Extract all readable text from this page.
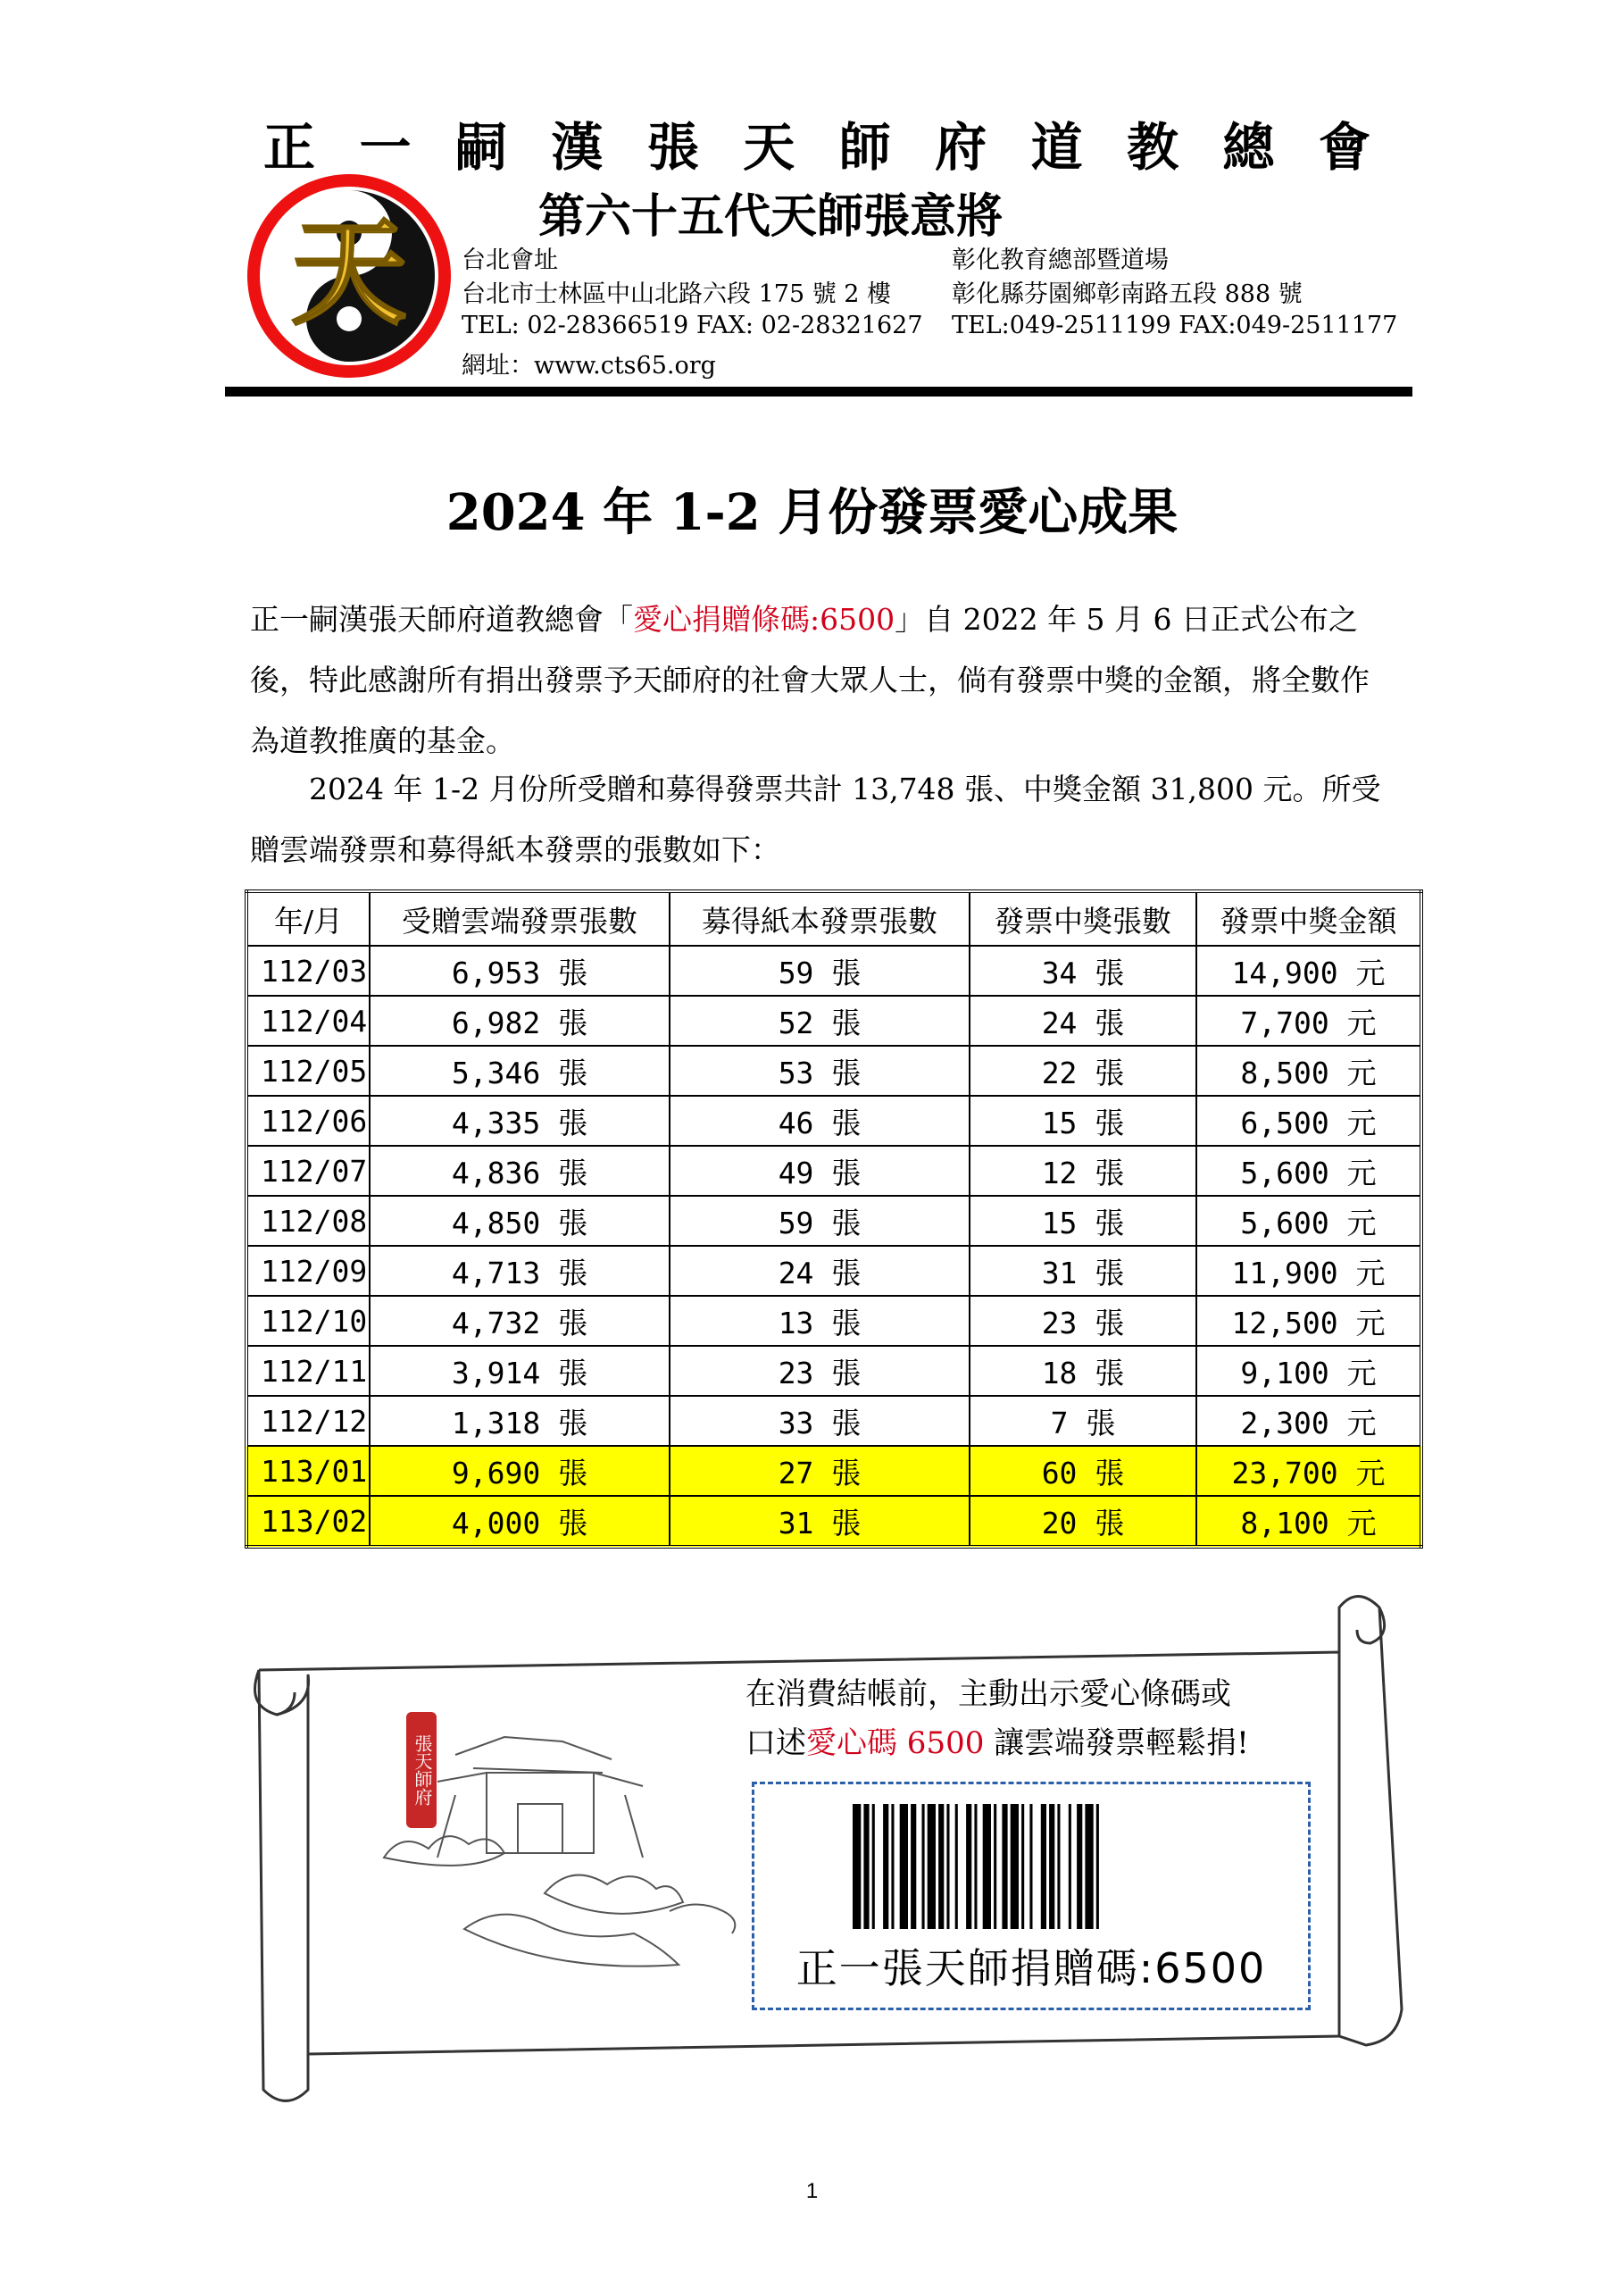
正 一 嗣 漢 張 天 師 府 道 教 總 會
天	第六十五代天師張意將
台北會址
台北市士林區中山北路六段 175 號 2 樓
彰化教育總部暨道場
彰化縣芬園鄉彰南路五段 888 號
TEL: 02-28366519 FAX: 02-28321627 TEL:049-2511199 FAX:049-2511177
網址：www.cts65.org
2024 年 1-2 月份發票愛心成果
正一嗣漢張天師府道教總會「愛心捐贈條碼:6500」自 2022 年 5 月 6 日正式公布之後，特此感謝所有捐出發票予天師府的社會大眾人士，倘有發票中獎的金額，將全數作為道教推廣的基金。
2024 年 1-2 月份所受贈和募得發票共計 13,748 張、中獎金額 31,800 元。所受贈雲端發票和募得紙本發票的張數如下：
年/月	受贈雲端發票張數	募得紙本發票張數	發票中獎張數	發票中獎金額
112/03	6,953 張	59 張	34 張	14,900 元
112/04	6,982 張	52 張	24 張	7,700 元
112/05	5,346 張	53 張	22 張	8,500 元
112/06	4,335 張	46 張	15 張	6,500 元
112/07	4,836 張	49 張	12 張	5,600 元
112/08	4,850 張	59 張	15 張	5,600 元
112/09	4,713 張	24 張	31 張	11,900 元
112/10	4,732 張	13 張	23 張	12,500 元
112/11	3,914 張	23 張	18 張	9,100 元
112/12	1,318 張	33 張	7 張	2,300 元
113/01	9,690 張	27 張	60 張	23,700 元
113/02	4,000 張	31 張	20 張	8,100 元
張天師府
在消費結帳前，主動出示愛心條碼或
口述愛心碼 6500 讓雲端發票輕鬆捐!
正一張天師捐贈碼:6500
1
